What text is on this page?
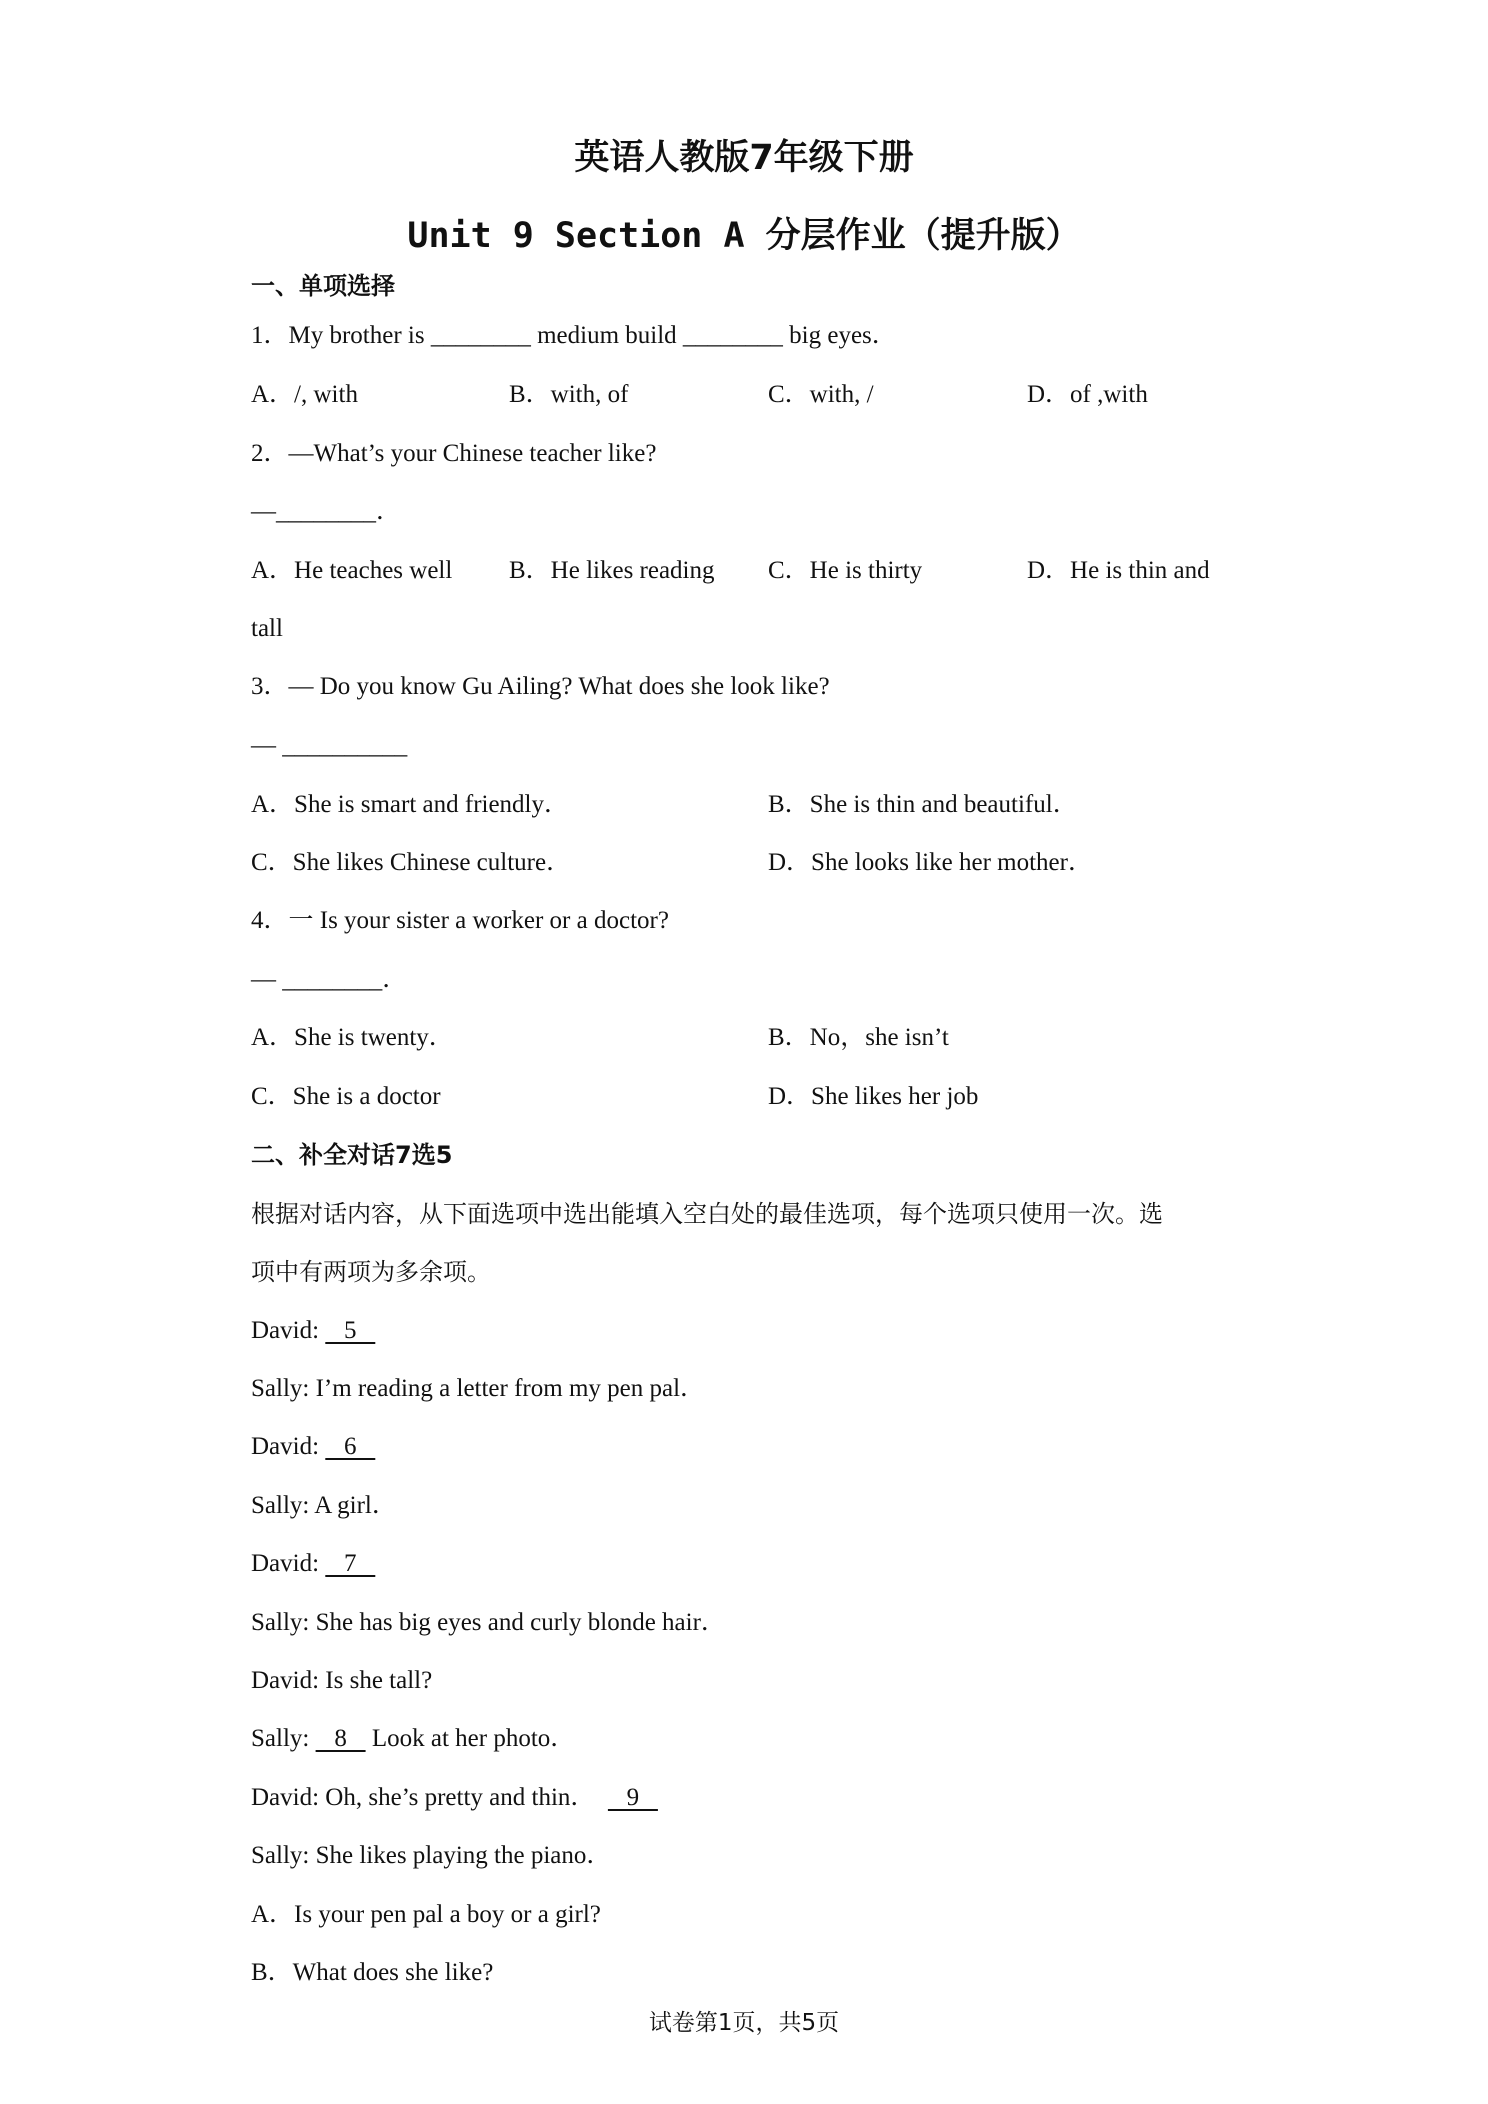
英语人教版7年级下册
Unit 9 Section A 分层作业（提升版）
一、单项选择
1．My brother is ________ medium build ________ big eyes．
A．/, with	B．with, of	C．with, /	D．of ,with
2．—What’s your Chinese teacher like?
—________．
A．He teaches well B．He likes reading C．He is thirty	D．He is thin and
tall
3．— Do you know Gu Ailing? What does she look like?
— __________
A．She is smart and friendly．	B．She is thin and beautiful．
C．She likes Chinese culture．	D．She looks like her mother．
4．一 Is your sister a worker or a doctor?
— ________．
A．She is twenty．	B．No，she isn’t
C．She is a doctor	D．She likes her job
二、补全对话7选5
根据对话内容，从下面选项中选出能填入空白处的最佳选项，每个选项只使用一次。选
项中有两项为多余项。
David:    5
Sally: I’m reading a letter from my pen pal．
David:    6
Sally: A girl．
David:    7
Sally: She has big eyes and curly blonde hair．
David: Is she tall?
Sally:    8    Look at her photo．
David: Oh, she’s pretty and thin．     9
Sally: She likes playing the piano．
A．Is your pen pal a boy or a girl?
B．What does she like?
试卷第1页，共5页
